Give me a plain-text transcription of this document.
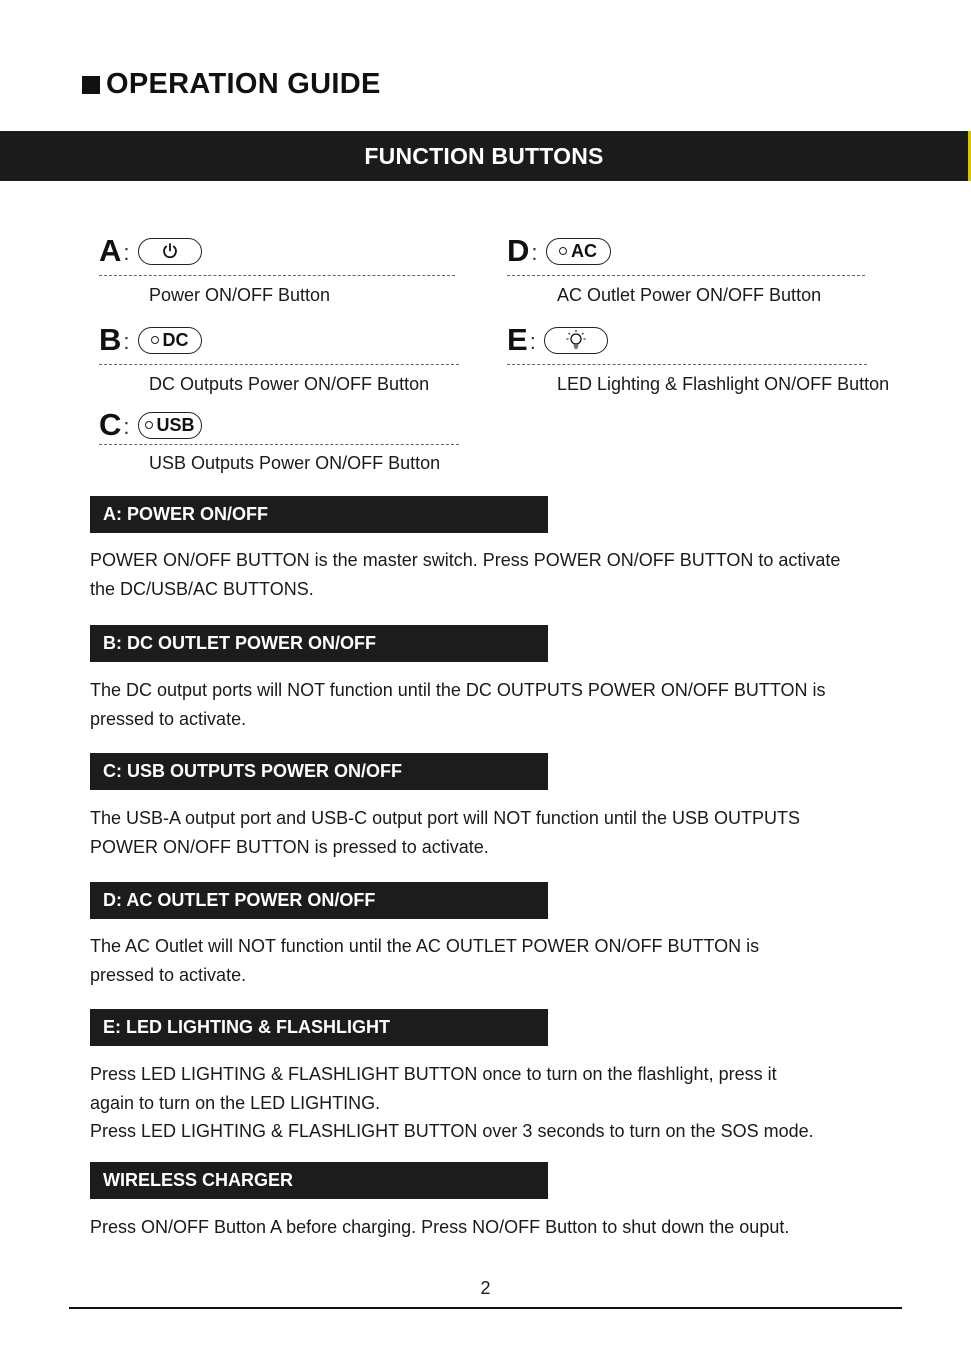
OPERATION GUIDE
FUNCTION BUTTONS
A :
Power ON/OFF Button
B : DC
DC Outputs Power ON/OFF Button
C : USB
USB Outputs Power ON/OFF Button
D : AC
AC Outlet Power ON/OFF Button
E :
LED Lighting & Flashlight ON/OFF Button
A: POWER ON/OFF
POWER ON/OFF BUTTON is the master switch. Press POWER ON/OFF BUTTON to activate
the DC/USB/AC BUTTONS.
B: DC OUTLET POWER ON/OFF
The DC output ports will NOT function until the DC OUTPUTS POWER ON/OFF BUTTON is
pressed to activate.
C: USB OUTPUTS POWER ON/OFF
The USB-A output port and USB-C output port will NOT function until the USB OUTPUTS
POWER ON/OFF BUTTON is pressed to activate.
D: AC OUTLET POWER ON/OFF
The AC Outlet will NOT function until the AC OUTLET POWER ON/OFF BUTTON is
pressed to activate.
E: LED LIGHTING & FLASHLIGHT
Press LED LIGHTING & FLASHLIGHT BUTTON once to turn on the flashlight, press it
again to turn on the LED LIGHTING.
Press LED LIGHTING & FLASHLIGHT BUTTON over 3 seconds to turn on the SOS mode.
WIRELESS CHARGER
Press ON/OFF Button A before charging. Press NO/OFF Button to shut down the ouput.
2
